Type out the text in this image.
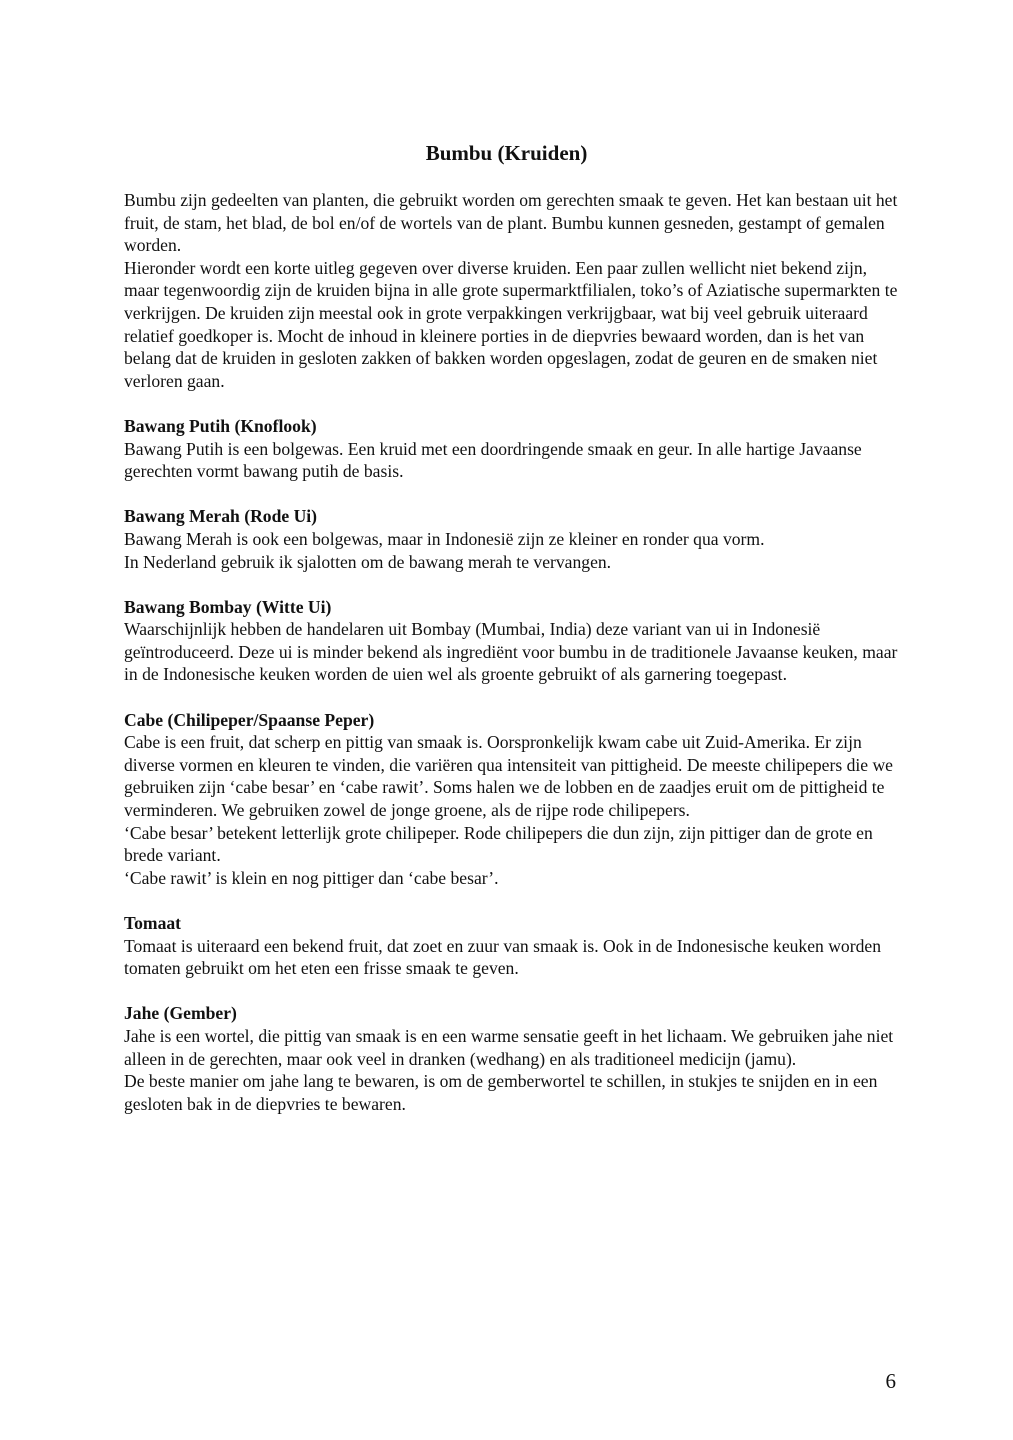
Bumbu (Kruiden)

Bumbu zijn gedeelten van planten, die gebruikt worden om gerechten smaak te geven. Het kan bestaan uit het fruit, de stam, het blad, de bol en/of de wortels van de plant. Bumbu kunnen gesneden, gestampt of gemalen worden.

Hieronder wordt een korte uitleg gegeven over diverse kruiden. Een paar zullen wellicht niet bekend zijn, maar tegenwoordig zijn de kruiden bijna in alle grote supermarktfilialen, toko’s of Aziatische supermarkten te verkrijgen. De kruiden zijn meestal ook in grote verpakkingen verkrijgbaar, wat bij veel gebruik uiteraard relatief goedkoper is. Mocht de inhoud in kleinere porties in de diepvries bewaard worden, dan is het van belang dat de kruiden in gesloten zakken of bakken worden opgeslagen, zodat de geuren en de smaken niet verloren gaan.

Bawang Putih (Knoflook)

Bawang Putih is een bolgewas. Een kruid met een doordringende smaak en geur. In alle hartige Javaanse gerechten vormt bawang putih de basis.

Bawang Merah (Rode Ui)

Bawang Merah is ook een bolgewas, maar in Indonesië zijn ze kleiner en ronder qua vorm.

In Nederland gebruik ik sjalotten om de bawang merah te vervangen.

Bawang Bombay (Witte Ui)

Waarschijnlijk hebben de handelaren uit Bombay (Mumbai, India) deze variant van ui in Indonesië geïntroduceerd. Deze ui is minder bekend als ingrediënt voor bumbu in de traditionele Javaanse keuken, maar in de Indonesische keuken worden de uien wel als groente gebruikt of als garnering toegepast.

Cabe (Chilipeper/Spaanse Peper)

Cabe is een fruit, dat scherp en pittig van smaak is. Oorspronkelijk kwam cabe uit Zuid-Amerika. Er zijn diverse vormen en kleuren te vinden, die variëren qua intensiteit van pittigheid. De meeste chilipepers die we gebruiken zijn ‘cabe besar’ en ‘cabe rawit’. Soms halen we de lobben en de zaadjes eruit om de pittigheid te verminderen. We gebruiken zowel de jonge groene, als de rijpe rode chilipepers.

‘Cabe besar’ betekent letterlijk grote chilipeper. Rode chilipepers die dun zijn, zijn pittiger dan de grote en brede variant.

‘Cabe rawit’ is klein en nog pittiger dan ‘cabe besar’.

Tomaat

Tomaat is uiteraard een bekend fruit, dat zoet en zuur van smaak is. Ook in de Indonesische keuken worden tomaten gebruikt om het eten een frisse smaak te geven.

Jahe (Gember)

Jahe is een wortel, die pittig van smaak is en een warme sensatie geeft in het lichaam. We gebruiken jahe niet alleen in de gerechten, maar ook veel in dranken (wedhang) en als traditioneel medicijn (jamu).

De beste manier om jahe lang te bewaren, is om de gemberwortel te schillen, in stukjes te snijden en in een gesloten bak in de diepvries te bewaren.

6
